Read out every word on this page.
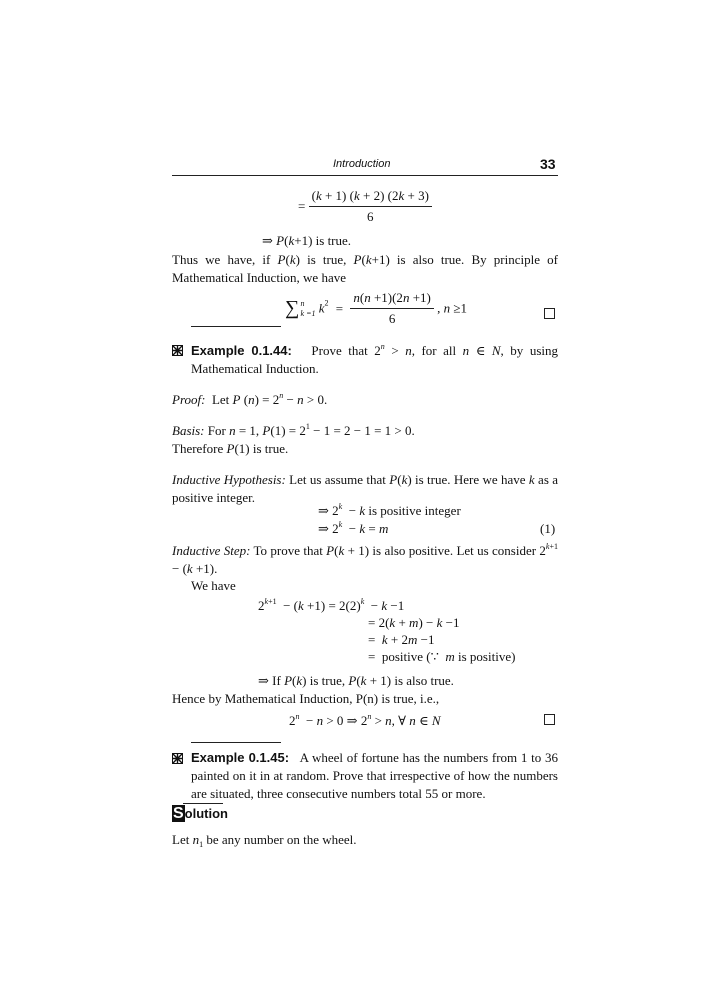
Introduction	33
= $\frac{(k + 1) (k + 2) (2k + 3)}{6}$
⇒ P(k+1) is true.
Thus we have, if P(k) is true, P(k+1) is also true. By principle of Mathematical Induction, we have
∑ n
k =1 $k^2 = \frac{n(n +1)(2n +1)}{6}$ , n ≥1
Example 0.1.44:   Prove that $2^n > n$, for all n ∈ N, by using Mathematical Induction.
Proof:  Let P $(n) = 2^n - n > 0$.
Basis: For n = 1, $P(1) = 2^1 - 1 = 2 - 1 = 1 > 0$.
Therefore P(1) is true.
Inductive Hypothesis: Let us assume that P(k) is true. Here we have k as a positive integer.
⇒ 2$^k$  − k is positive integer
⇒ 2$^k$  − k = m	(1)
Inductive Step: To prove that P(k + 1) is also positive. Let us consider $2^{k+1} - (k +1)$.
We have
$2^{k+1} - (k +1) = 2(2)^k - k -1$
= 2(k + m) − k −1
=  k + 2m −1
=  positive (∵  m is positive)
⇒ If P(k) is true, P(k + 1) is also true.
Hence by Mathematical Induction, P(n) is true, i.e.,
2$^n$  − n > 0 ⇒ $2^n > n$, ∀ n ∈ N
Example 0.1.45:   A wheel of fortune has the numbers from 1 to 36 painted on it in at random. Prove that irrespective of how the numbers are situated, three consecutive numbers total 55 or more.
Solution
Let $n_1$ be any number on the wheel.
